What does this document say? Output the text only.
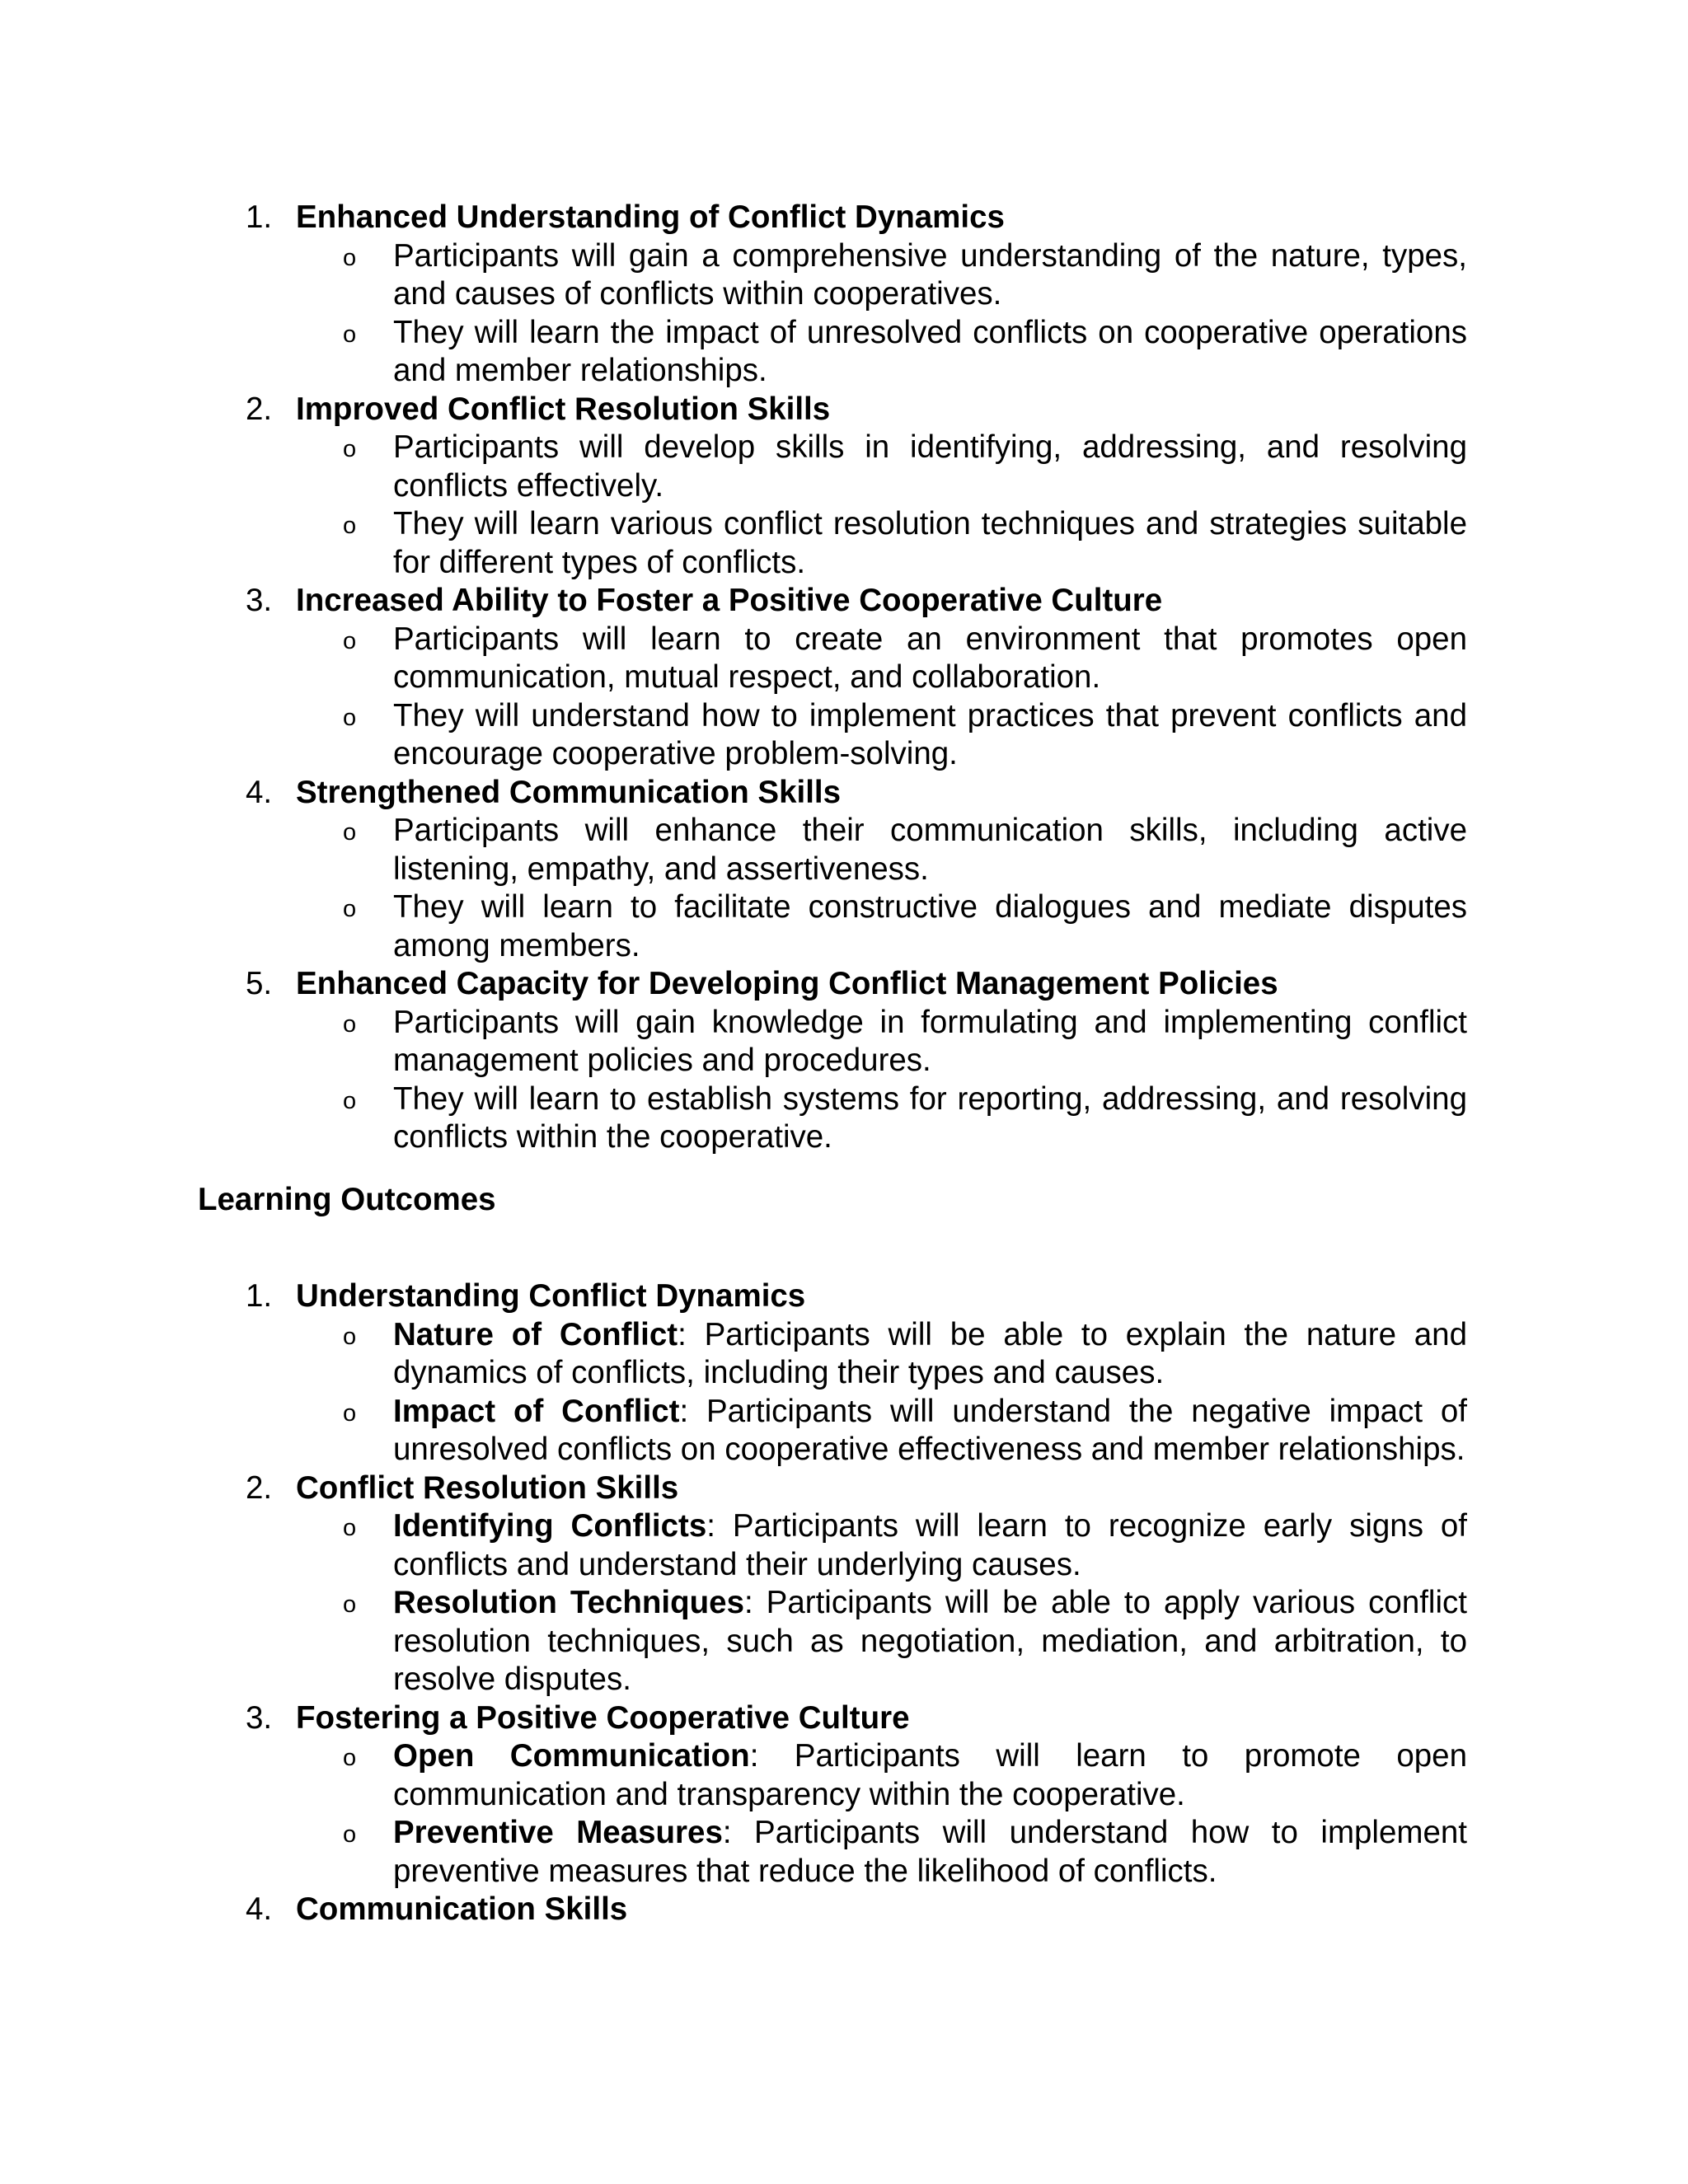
1. Enhanced Understanding of Conflict Dynamics
o Participants will gain a comprehensive understanding of the nature, types, and causes of conflicts within cooperatives.
o They will learn the impact of unresolved conflicts on cooperative operations and member relationships.
2. Improved Conflict Resolution Skills
o Participants will develop skills in identifying, addressing, and resolving conflicts effectively.
o They will learn various conflict resolution techniques and strategies suitable for different types of conflicts.
3. Increased Ability to Foster a Positive Cooperative Culture
o Participants will learn to create an environment that promotes open communication, mutual respect, and collaboration.
o They will understand how to implement practices that prevent conflicts and encourage cooperative problem-solving.
4. Strengthened Communication Skills
o Participants will enhance their communication skills, including active listening, empathy, and assertiveness.
o They will learn to facilitate constructive dialogues and mediate disputes among members.
5. Enhanced Capacity for Developing Conflict Management Policies
o Participants will gain knowledge in formulating and implementing conflict management policies and procedures.
o They will learn to establish systems for reporting, addressing, and resolving conflicts within the cooperative.
Learning Outcomes
1. Understanding Conflict Dynamics
o Nature of Conflict: Participants will be able to explain the nature and dynamics of conflicts, including their types and causes.
o Impact of Conflict: Participants will understand the negative impact of unresolved conflicts on cooperative effectiveness and member relationships.
2. Conflict Resolution Skills
o Identifying Conflicts: Participants will learn to recognize early signs of conflicts and understand their underlying causes.
o Resolution Techniques: Participants will be able to apply various conflict resolution techniques, such as negotiation, mediation, and arbitration, to resolve disputes.
3. Fostering a Positive Cooperative Culture
o Open Communication: Participants will learn to promote open communication and transparency within the cooperative.
o Preventive Measures: Participants will understand how to implement preventive measures that reduce the likelihood of conflicts.
4. Communication Skills
